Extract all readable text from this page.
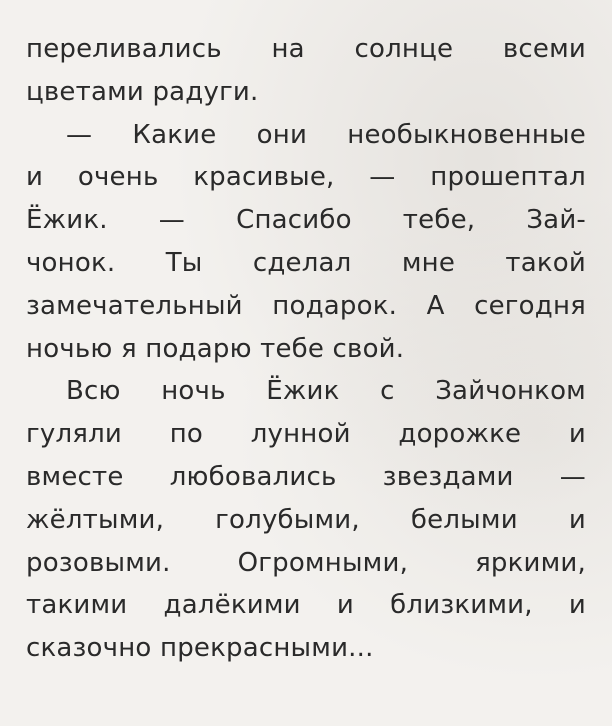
переливались на солнце всеми
цветами радуги.
— Какие они необыкновенные
и очень красивые, — прошептал
Ёжик. — Спасибо тебе, Зай-
чонок. Ты сделал мне такой
замечательный подарок. А сегодня
ночью я подарю тебе свой.
Всю ночь Ёжик с Зайчонком
гуляли по лунной дорожке и
вместе любовались звездами —
жёлтыми, голубыми, белыми и
розовыми. Огромными, яркими,
такими далёкими и близкими, и
сказочно прекрасными...
